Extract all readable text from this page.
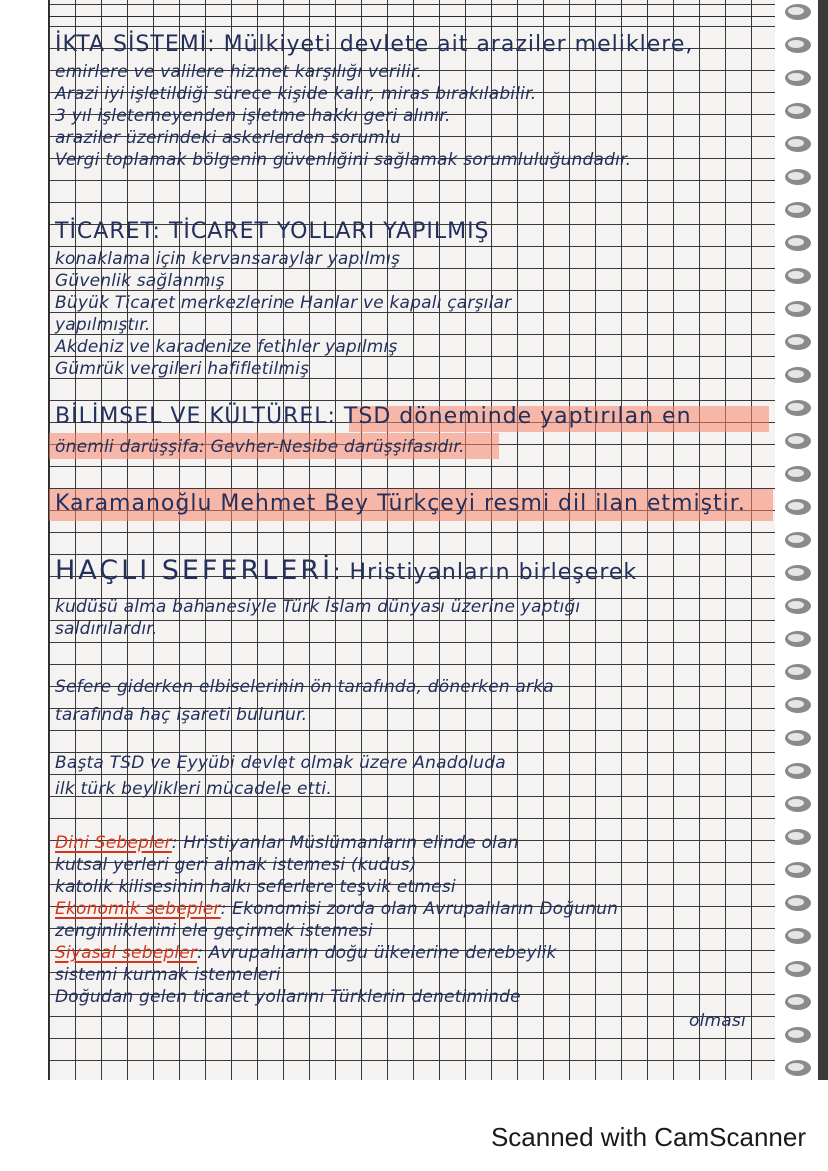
İKTA SİSTEMİ: Mülkiyeti devlete ait araziler meliklere,
emirlere ve valilere hizmet karşılığı verilir.
Arazi iyi işletildiği sürece kişide kalır, miras bırakılabilir.
3 yıl işletemeyenden işletme hakkı geri alınır.
araziler üzerindeki askerlerden sorumlu
Vergi toplamak bölgenin güvenliğini sağlamak sorumluluğundadır.
TİCARET: TİCARET YOLLARI YAPILMIŞ
konaklama için kervansaraylar yapılmış
Güvenlik sağlanmış
Büyük Ticaret merkezlerine Hanlar ve kapalı çarşılar
yapılmıştır.
Akdeniz ve karadenize fetihler yapılmış
Gümrük vergileri hafifletilmiş
BİLİMSEL VE KÜLTÜREL: TSD döneminde yaptırılan en
önemli darüşşifa: Gevher-Nesibe darüşşifasıdır.
Karamanoğlu Mehmet Bey Türkçeyi resmi dil ilan etmiştir.
HAÇLI SEFERLERİ: Hristiyanların birleşerek
kudüsü alma bahanesiyle Türk İslam dünyası üzerine yaptığı
saldırılardır.
Sefere giderken elbiselerinin ön tarafında, dönerken arka
tarafında haç işareti bulunur.
Başta TSD ve Eyyübi devlet olmak üzere Anadoluda
ilk türk beylikleri mücadele etti.
Dini Sebepler: Hristiyanlar Müslümanların elinde olan
kutsal yerleri geri almak istemesi (kudus)
katolik kilisesinin halkı seferlere teşvik etmesi
Ekonomik sebepler: Ekonomisi zorda olan Avrupalıların Doğunun
zenginliklerini ele geçirmek istemesi
Siyasal sebepler: Avrupalıların doğu ülkelerine derebeylik
sistemi kurmak istemeleri
Doğudan gelen ticaret yollarını Türklerin denetiminde
olması
Scanned with CamScanner
